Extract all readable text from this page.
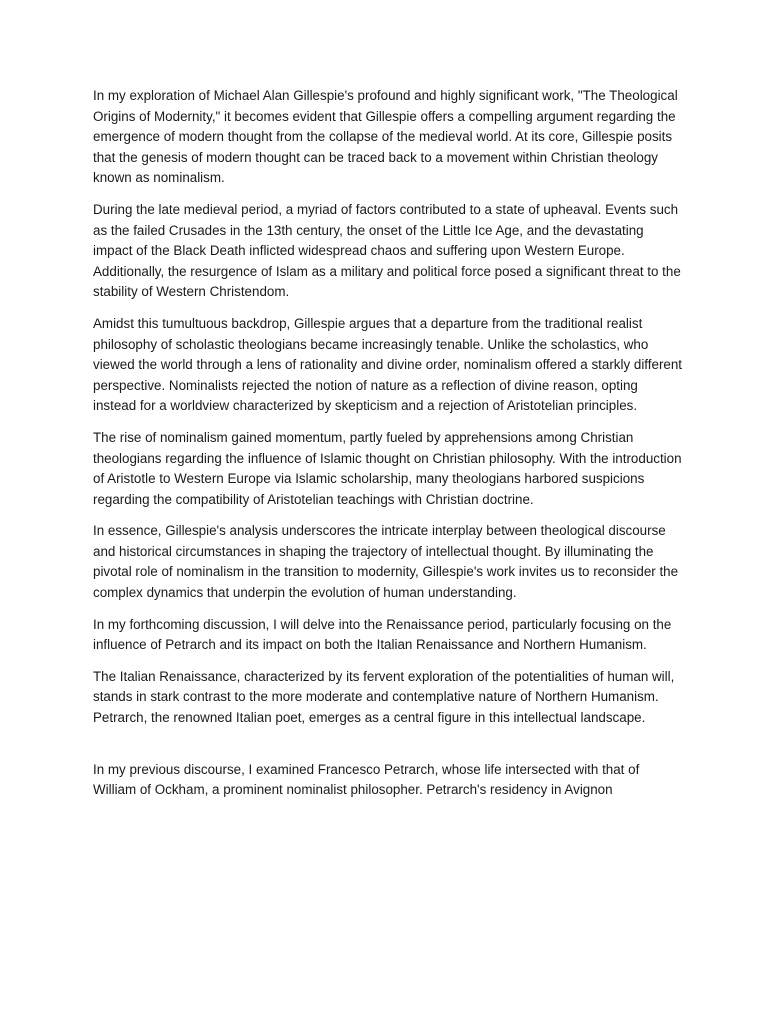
In my exploration of Michael Alan Gillespie's profound and highly significant work, "The Theological Origins of Modernity," it becomes evident that Gillespie offers a compelling argument regarding the emergence of modern thought from the collapse of the medieval world. At its core, Gillespie posits that the genesis of modern thought can be traced back to a movement within Christian theology known as nominalism.

During the late medieval period, a myriad of factors contributed to a state of upheaval. Events such as the failed Crusades in the 13th century, the onset of the Little Ice Age, and the devastating impact of the Black Death inflicted widespread chaos and suffering upon Western Europe. Additionally, the resurgence of Islam as a military and political force posed a significant threat to the stability of Western Christendom.

Amidst this tumultuous backdrop, Gillespie argues that a departure from the traditional realist philosophy of scholastic theologians became increasingly tenable. Unlike the scholastics, who viewed the world through a lens of rationality and divine order, nominalism offered a starkly different perspective. Nominalists rejected the notion of nature as a reflection of divine reason, opting instead for a worldview characterized by skepticism and a rejection of Aristotelian principles.

The rise of nominalism gained momentum, partly fueled by apprehensions among Christian theologians regarding the influence of Islamic thought on Christian philosophy. With the introduction of Aristotle to Western Europe via Islamic scholarship, many theologians harbored suspicions regarding the compatibility of Aristotelian teachings with Christian doctrine.

In essence, Gillespie's analysis underscores the intricate interplay between theological discourse and historical circumstances in shaping the trajectory of intellectual thought. By illuminating the pivotal role of nominalism in the transition to modernity, Gillespie's work invites us to reconsider the complex dynamics that underpin the evolution of human understanding.

In my forthcoming discussion, I will delve into the Renaissance period, particularly focusing on the influence of Petrarch and its impact on both the Italian Renaissance and Northern Humanism.

The Italian Renaissance, characterized by its fervent exploration of the potentialities of human will, stands in stark contrast to the more moderate and contemplative nature of Northern Humanism. Petrarch, the renowned Italian poet, emerges as a central figure in this intellectual landscape.

In my previous discourse, I examined Francesco Petrarch, whose life intersected with that of William of Ockham, a prominent nominalist philosopher. Petrarch's residency in Avignon
